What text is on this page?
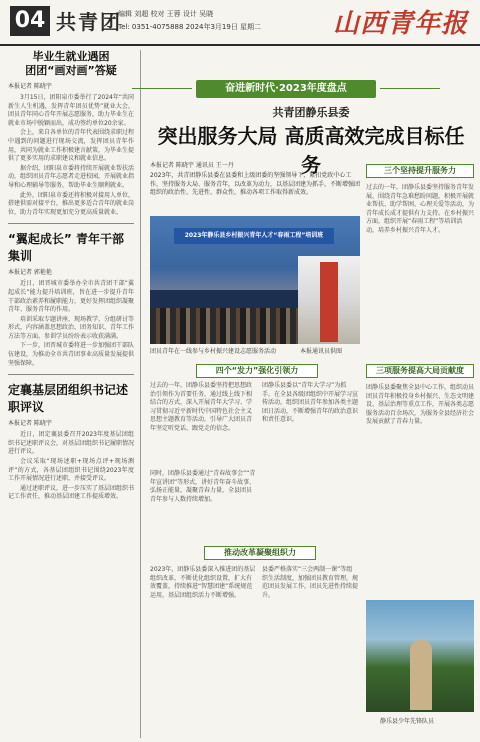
04 共青团
编辑 刘超 校对 王蓉 设计 吴晓
Tel: 0351-4075888 2024年3月19日 星期二	山西青年报
毕业生就业遇困
团团“画对画”答疑
本报记者 陈晓宇

3月15日，团阳泉市委举行了2024年“共同新生人生机遇，发挥青年团员优势”就业大会，团员青年同心青年开展志愿服务，助力毕业生在就业市场中脱颖而出，成功签约单位20余家。

会上，来自各单位的青年代表围绕求职过程中遇到的问题进行现场交流，发挥团员青年作用，共同为就业工作积极建言献策，为毕业生提供了更多实用的求职建议和就业信息。

据介绍，团阳泉市委将持续开展就业帮扶活动，组织团员青年志愿者走进校园，开展就业指导和心理辅导等服务，帮助毕业生顺利就业。

此外，团阳泉市委还将积极对接用人单位，搭建供需对接平台，推出更多适合青年的就业岗位，助力青年实现更加充分更高质量就业。

“翼起成长” 青年干部集训
本报记者 郭艳艳

近日，团晋城市委举办全市共青团干部“翼起成长”能力提升培训班，旨在进一步提升青年干部政治素养和履职能力，更好发挥团组织凝聚青年、服务青年的作用。

培训采取专题讲座、现场教学、分组研讨等形式，内容涵盖思想政治、团务知识、青年工作方法等方面。参训学员纷纷表示收获满满。

下一步，团晋城市委将进一步加强团干部队伍建设，为推动全市共青团事业高质量发展提供坚强保障。

定襄基层团组织书记述职评议
本报记者 陈晓宇

近日，团定襄县委召开2023年度基层团组织书记述职评议会，对基层团组织书记履职情况进行评议。

会议采取“现场述职+现场点评+现场测评”的方式，各基层团组织书记围绕2023年度工作开展情况进行述职，并接受评议。

通过述职评议，进一步压实了基层团组织书记工作责任，推动基层团建工作提质增效。

奋进新时代·2023年度盘点
共青团静乐县委
突出服务大局 高质高效完成目标任务
本报记者 陈晓宇 通讯员 王一丹
2023年，共青团静乐县委在县委和上级团委的坚强领导下，紧扣党政中心工作，坚持服务大局、服务青年，以改革为动力，以基层团建为抓手，不断增强团组织的政治性、先进性、群众性，推动各项工作取得新成效。
2023年静乐县乡村振兴青年人才“春雨工程”培训班
团员青年在一线参与乡村振兴建设志愿服务活动	本报通讯员供图
四个“发力”强化引领力
过去的一年，团静乐县委坚持把思想政治引领作为首要任务，通过线上线下相结合的方式，深入开展青年大学习、学习贯彻习近平新时代中国特色社会主义思想主题教育等活动，引导广大团员青年坚定听党话、跟党走的信念。
团静乐县委以“青年大学习”为抓手，在全县各级团组织中开展学习宣传活动，组织团员青年参加各类主题团日活动，不断增强青年的政治意识和责任意识。
同时，团静乐县委通过“青春故事会”“青年宣讲团”等形式，讲好青年奋斗故事，弘扬正能量，凝聚青春力量，全县团员青年参与人数持续增加。
推动改革凝聚组织力
2023年，团静乐县委深入推进团的基层组织改革，不断优化组织设置，扩大有效覆盖，持续推进“智慧团建”系统规范运用，基层团组织活力不断增强。
县委严格落实“三会两制一课”等组织生活制度，加强团员教育管理，规范团员发展工作，团员先进性持续提升。
三个坚持提升服务力
过去的一年，团静乐县委坚持服务青年发展，围绕青年急难愁盼问题，积极开展就业帮扶、助学帮困、心理关爱等活动，为青年成长成才提供有力支持。在乡村振兴方面，组织开展“春雨工程”等培训活动，培养乡村振兴青年人才。
三项服务提高大局贡献度
团静乐县委聚焦全县中心工作，组织动员团员青年积极投身乡村振兴、生态文明建设、基层治理等重点工作，开展各类志愿服务活动百余场次，为服务全县经济社会发展贡献了青春力量。
静乐县少年先锋队员
